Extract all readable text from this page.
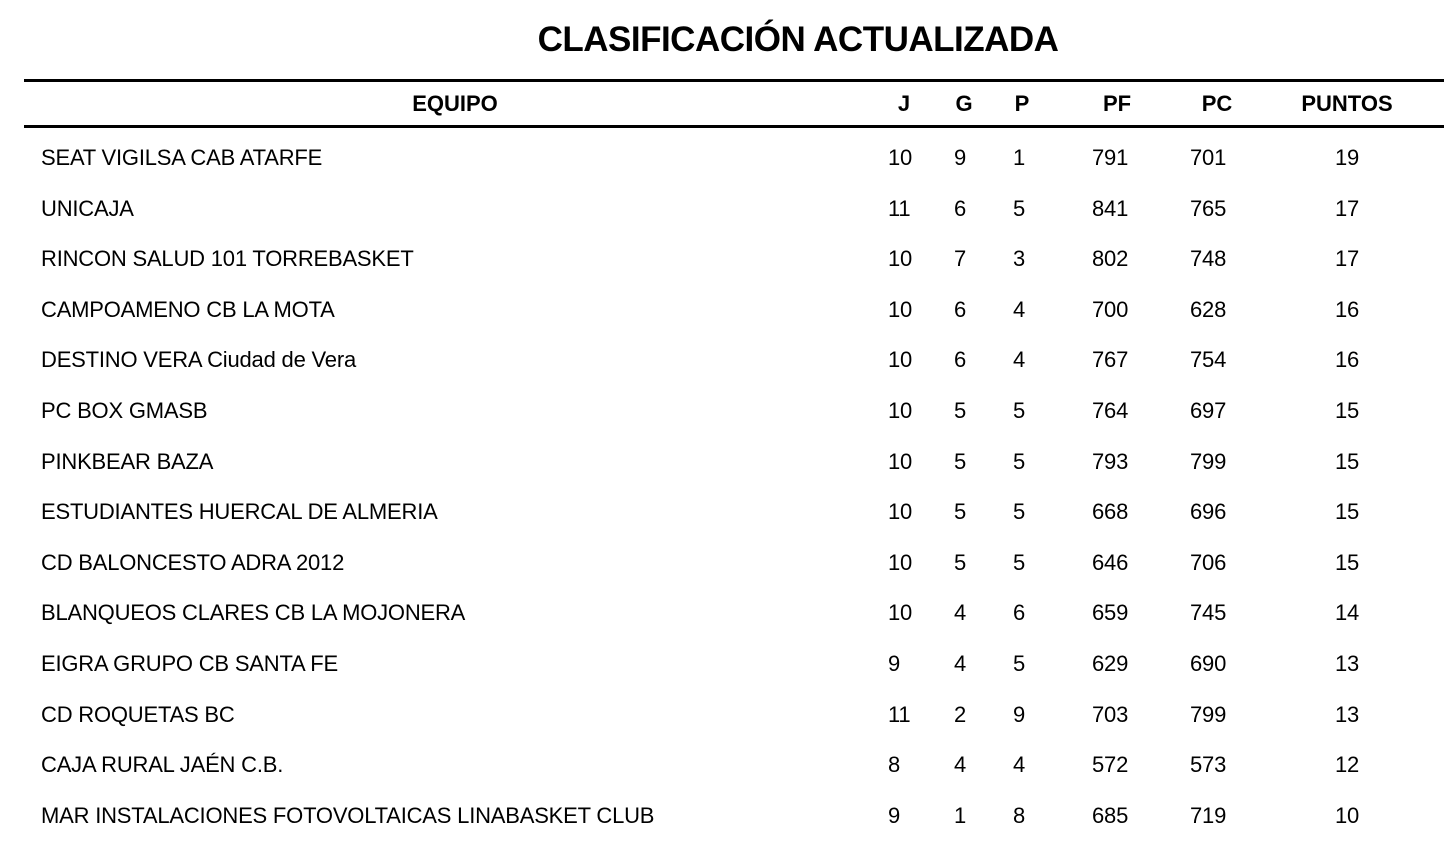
CLASIFICACIÓN ACTUALIZADA
EQUIPO	J	G	P	PF	PC	PUNTOS
SEAT VIGILSA CAB ATARFE	10	9	1	791	701	19
UNICAJA	11	6	5	841	765	17
RINCON SALUD 101 TORREBASKET	10	7	3	802	748	17
CAMPOAMENO CB LA MOTA	10	6	4	700	628	16
DESTINO VERA Ciudad de Vera	10	6	4	767	754	16
PC BOX GMASB	10	5	5	764	697	15
PINKBEAR BAZA	10	5	5	793	799	15
ESTUDIANTES HUERCAL DE ALMERIA	10	5	5	668	696	15
CD BALONCESTO ADRA 2012	10	5	5	646	706	15
BLANQUEOS CLARES CB LA MOJONERA	10	4	6	659	745	14
EIGRA GRUPO CB SANTA FE	9	4	5	629	690	13
CD ROQUETAS BC	11	2	9	703	799	13
CAJA RURAL JAÉN C.B.	8	4	4	572	573	12
MAR INSTALACIONES FOTOVOLTAICAS LINABASKET CLUB	9	1	8	685	719	10
